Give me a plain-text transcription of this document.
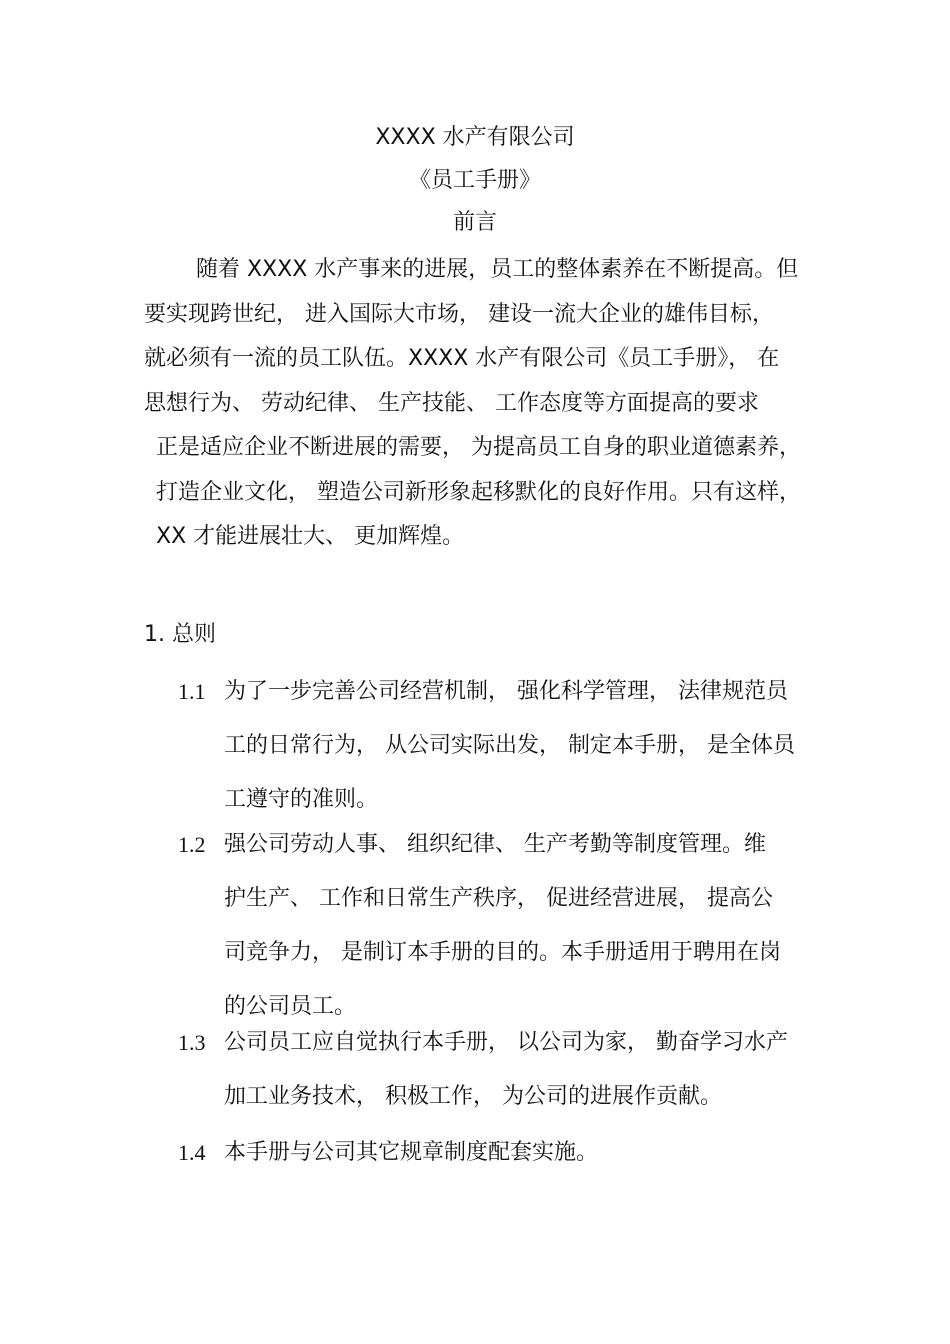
XXXX 水产有限公司
《员工手册》
前言
随着 XXXX 水产事来的进展，员工的整体素养在不断提高。但
要实现跨世纪， 进入国际大市场， 建设一流大企业的雄伟目标，
就必须有一流的员工队伍。XXXX 水产有限公司《员工手册》， 在
思想行为、 劳动纪律、 生产技能、 工作态度等方面提高的要求
正是适应企业不断进展的需要， 为提高员工自身的职业道德素养，
打造企业文化， 塑造公司新形象起移默化的良好作用。只有这样，
XX 才能进展壮大、 更加辉煌。
1. 总则
1.1 为了一步完善公司经营机制， 强化科学管理， 法律规范员
工的日常行为， 从公司实际出发， 制定本手册， 是全体员
工遵守的准则。
1.2 强公司劳动人事、 组织纪律、 生产考勤等制度管理。维
护生产、 工作和日常生产秩序， 促进经营进展， 提高公
司竞争力， 是制订本手册的目的。本手册适用于聘用在岗
的公司员工。
1.3 公司员工应自觉执行本手册， 以公司为家， 勤奋学习水产
加工业务技术， 积极工作， 为公司的进展作贡献。
1.4 本手册与公司其它规章制度配套实施。
